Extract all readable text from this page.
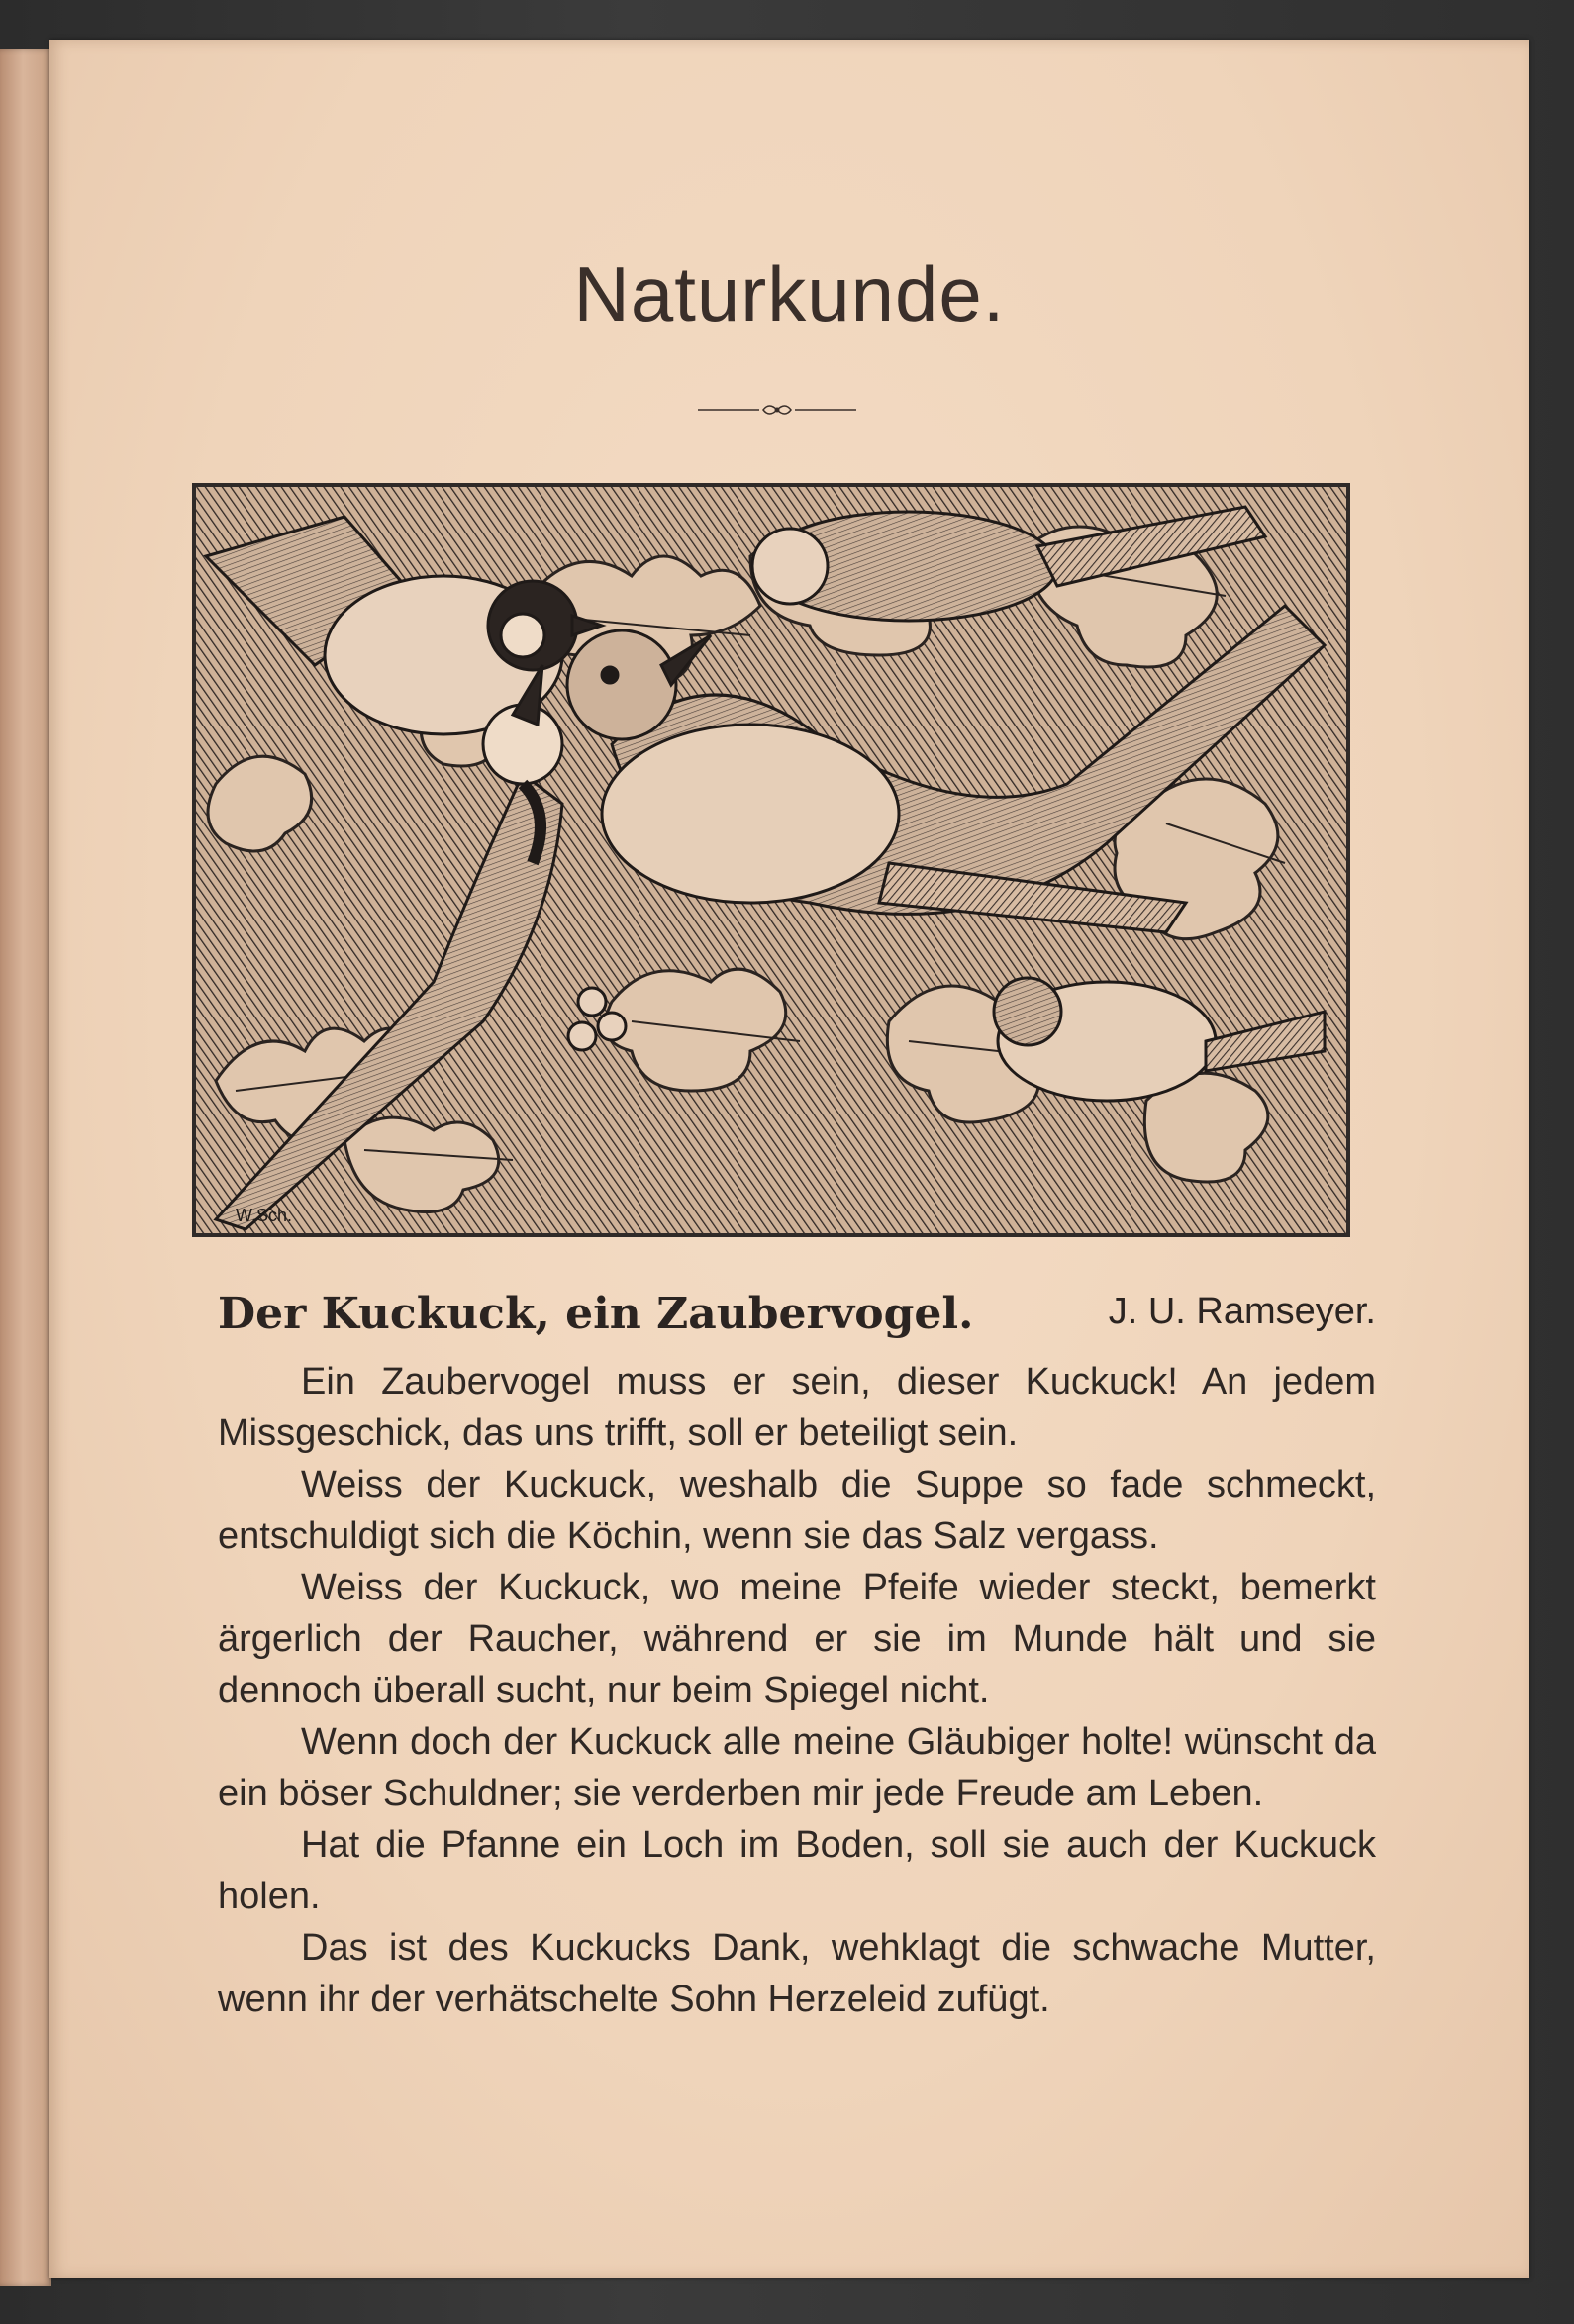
Naturkunde.
W.Sch.
Der Kuckuck, ein Zaubervogel.	J. U. Ramseyer.

Ein Zaubervogel muss er sein, dieser Kuckuck! An jedem Missgeschick, das uns trifft, soll er beteiligt sein.

Weiss der Kuckuck, weshalb die Suppe so fade schmeckt, entschuldigt sich die Köchin, wenn sie das Salz vergass.

Weiss der Kuckuck, wo meine Pfeife wieder steckt, bemerkt ärgerlich der Raucher, während er sie im Munde hält und sie dennoch überall sucht, nur beim Spiegel nicht.

Wenn doch der Kuckuck alle meine Gläubiger holte! wünscht da ein böser Schuldner; sie verderben mir jede Freude am Leben.

Hat die Pfanne ein Loch im Boden, soll sie auch der Kuckuck holen.

Das ist des Kuckucks Dank, wehklagt die schwache Mutter, wenn ihr der verhätschelte Sohn Herzeleid zufügt.
